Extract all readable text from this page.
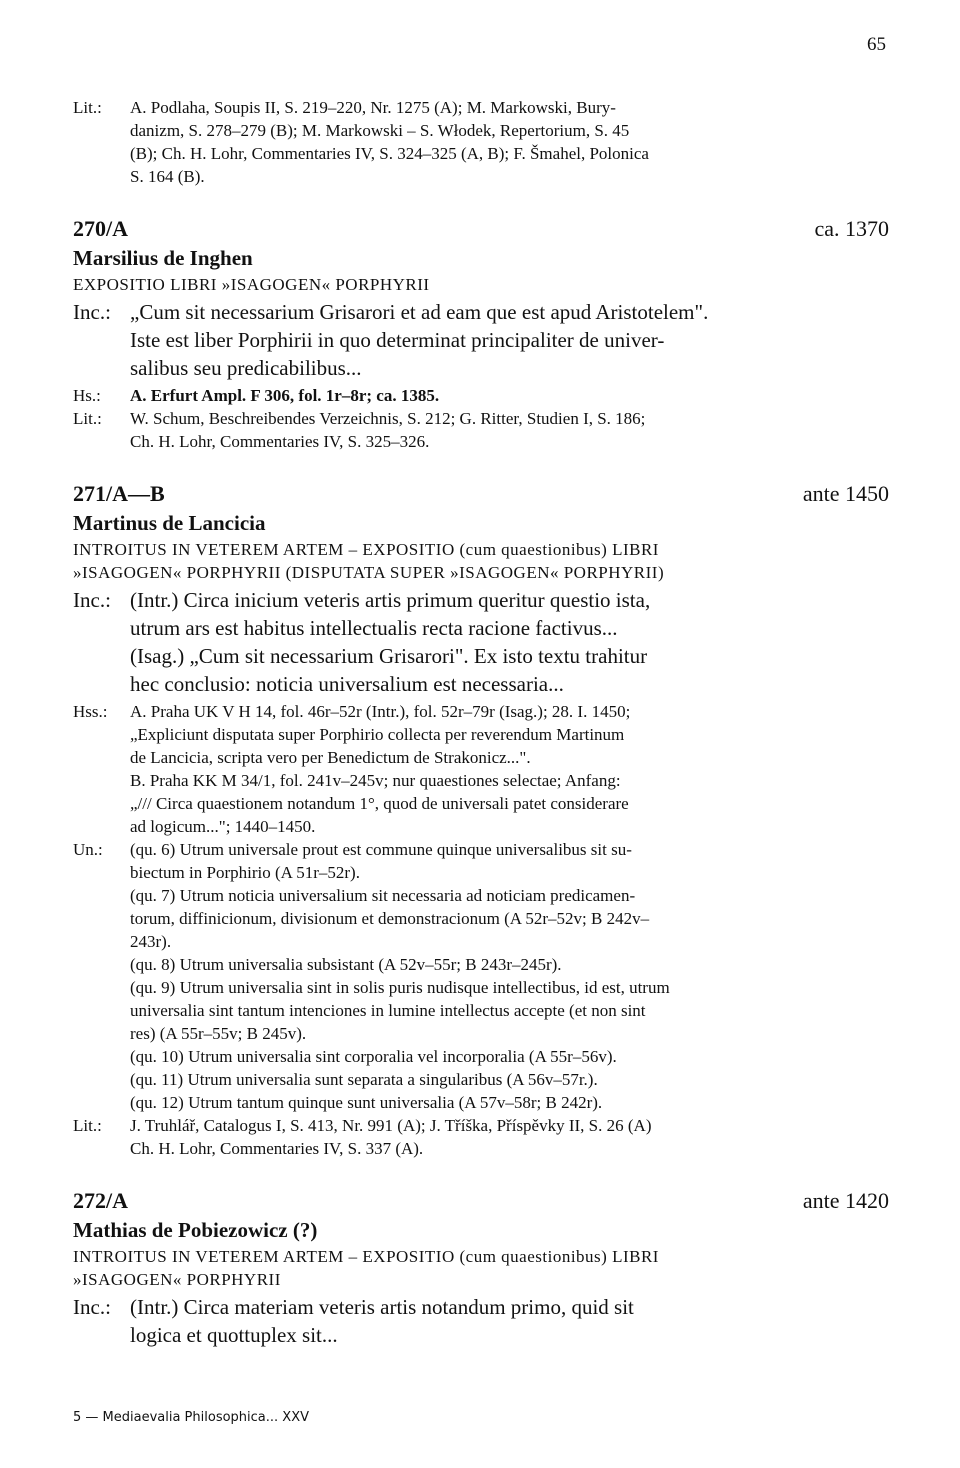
65
Lit.:	A. Podlaha, Soupis II, S. 219–220, Nr. 1275 (A); M. Markowski, Bury-
danizm, S. 278–279 (B); M. Markowski – S. Włodek, Repertorium, S. 45
(B); Ch. H. Lohr, Commentaries IV, S. 324–325 (A, B); F. Šmahel, Polonica
S. 164 (B).
270/A	ca. 1370
Marsilius de Inghen
EXPOSITIO LIBRI »ISAGOGEN« PORPHYRII
Inc.: „Cum sit necessarium Grisarori et ad eam que est apud Aristotelem".
Iste est liber Porphirii in quo determinat principaliter de univer-
salibus seu predicabilibus...
Hs.:	A. Erfurt Ampl. F 306, fol. 1r–8r; ca. 1385.
Lit.:	W. Schum, Beschreibendes Verzeichnis, S. 212; G. Ritter, Studien I, S. 186;
Ch. H. Lohr, Commentaries IV, S. 325–326.
271/A—B	ante 1450
Martinus de Lancicia
INTROITUS IN VETEREM ARTEM – EXPOSITIO (cum quaestionibus) LIBRI
»ISAGOGEN« PORPHYRII (DISPUTATA SUPER »ISAGOGEN« PORPHYRII)
Inc.: (Intr.) Circa inicium veteris artis primum queritur questio ista,
utrum ars est habitus intellectualis recta racione factivus...
(Isag.) „Cum sit necessarium Grisarori". Ex isto textu trahitur
hec conclusio: noticia universalium est necessaria...
Hss.:	A. Praha UK V H 14, fol. 46r–52r (Intr.), fol. 52r–79r (Isag.); 28. I. 1450;
„Expliciunt disputata super Porphirio collecta per reverendum Martinum
de Lancicia, scripta vero per Benedictum de Strakonicz...".
B. Praha KK M 34/1, fol. 241v–245v; nur quaestiones selectae; Anfang:
„/// Circa quaestionem notandum 1°, quod de universali patet considerare
ad logicum..."; 1440–1450.
Un.:	(qu. 6) Utrum universale prout est commune quinque universalibus sit su-
biectum in Porphirio (A 51r–52r).
(qu. 7) Utrum noticia universalium sit necessaria ad noticiam predicamen-
torum, diffinicionum, divisionum et demonstracionum (A 52r–52v; B 242v–
243r).
(qu. 8) Utrum universalia subsistant (A 52v–55r; B 243r–245r).
(qu. 9) Utrum universalia sint in solis puris nudisque intellectibus, id est, utrum
universalia sint tantum intenciones in lumine intellectus accepte (et non sint
res) (A 55r–55v; B 245v).
(qu. 10) Utrum universalia sint corporalia vel incorporalia (A 55r–56v).
(qu. 11) Utrum universalia sunt separata a singularibus (A 56v–57r.).
(qu. 12) Utrum tantum quinque sunt universalia (A 57v–58r; B 242r).
Lit.:	J. Truhlář, Catalogus I, S. 413, Nr. 991 (A); J. Tříška, Příspěvky II, S. 26 (A)
Ch. H. Lohr, Commentaries IV, S. 337 (A).
272/A	ante 1420
Mathias de Pobiezowicz (?)
INTROITUS IN VETEREM ARTEM – EXPOSITIO (cum quaestionibus) LIBRI
»ISAGOGEN« PORPHYRII
Inc.: (Intr.) Circa materiam veteris artis notandum primo, quid sit
logica et quottuplex sit...
5 — Mediaevalia Philosophica... XXV
